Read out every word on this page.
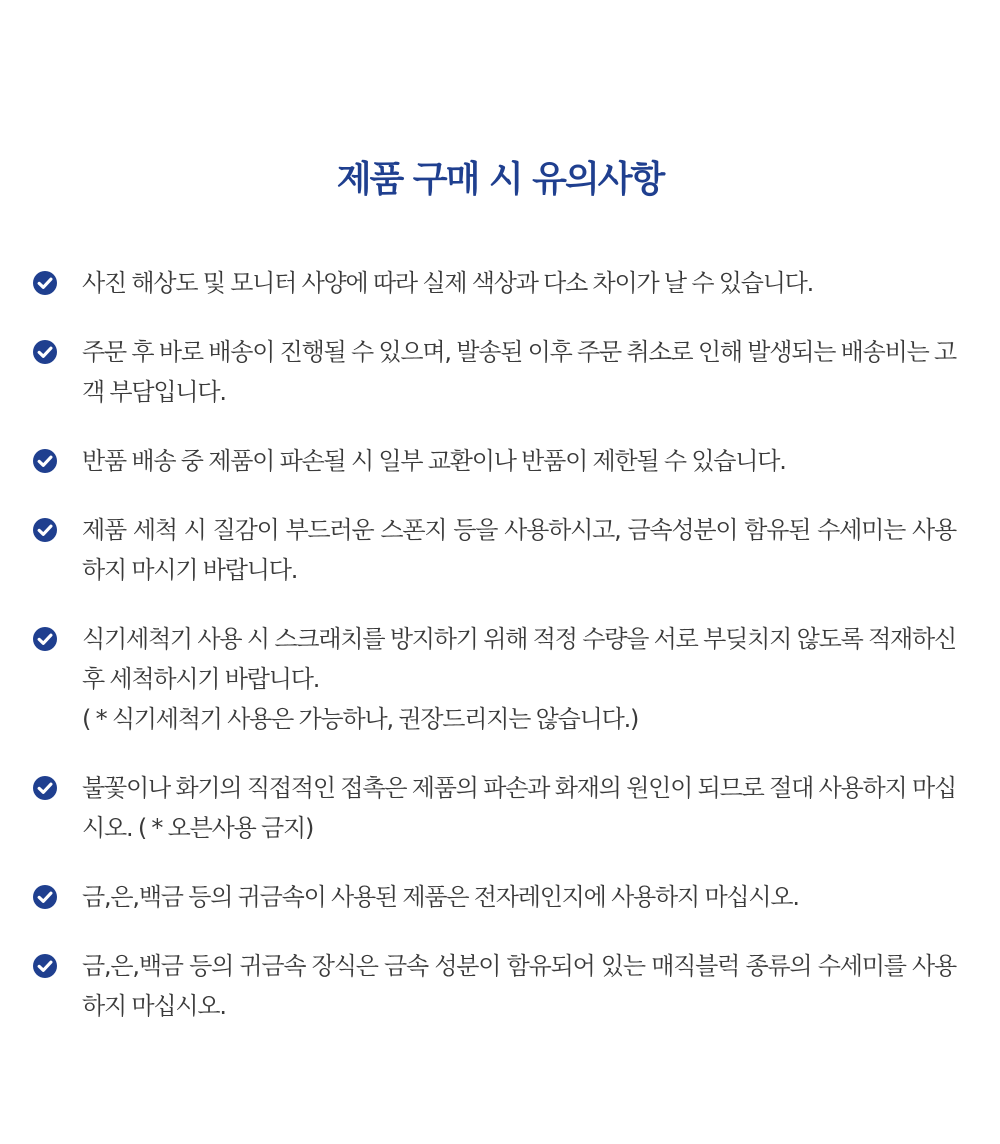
제품 구매 시 유의사항
사진 해상도 및 모니터 사양에 따라 실제 색상과 다소 차이가 날 수 있습니다.
주문 후 바로 배송이 진행될 수 있으며, 발송된 이후 주문 취소로 인해 발생되는 배송비는 고객 부담입니다.
반품 배송 중 제품이 파손될 시 일부 교환이나 반품이 제한될 수 있습니다.
제품 세척 시 질감이 부드러운 스폰지 등을 사용하시고, 금속성분이 함유된 수세미는 사용하지 마시기 바랍니다.
식기세척기 사용 시 스크래치를 방지하기 위해 적정 수량을 서로 부딪치지 않도록 적재하신 후 세척하시기 바랍니다.
( * 식기세척기 사용은 가능하나, 권장드리지는 않습니다.)
불꽃이나 화기의 직접적인 접촉은 제품의 파손과 화재의 원인이 되므로 절대 사용하지 마십시오. ( * 오븐사용 금지)
금,은,백금 등의 귀금속이 사용된 제품은 전자레인지에 사용하지 마십시오.
금,은,백금 등의 귀금속 장식은 금속 성분이 함유되어 있는 매직블럭 종류의 수세미를 사용하지 마십시오.
